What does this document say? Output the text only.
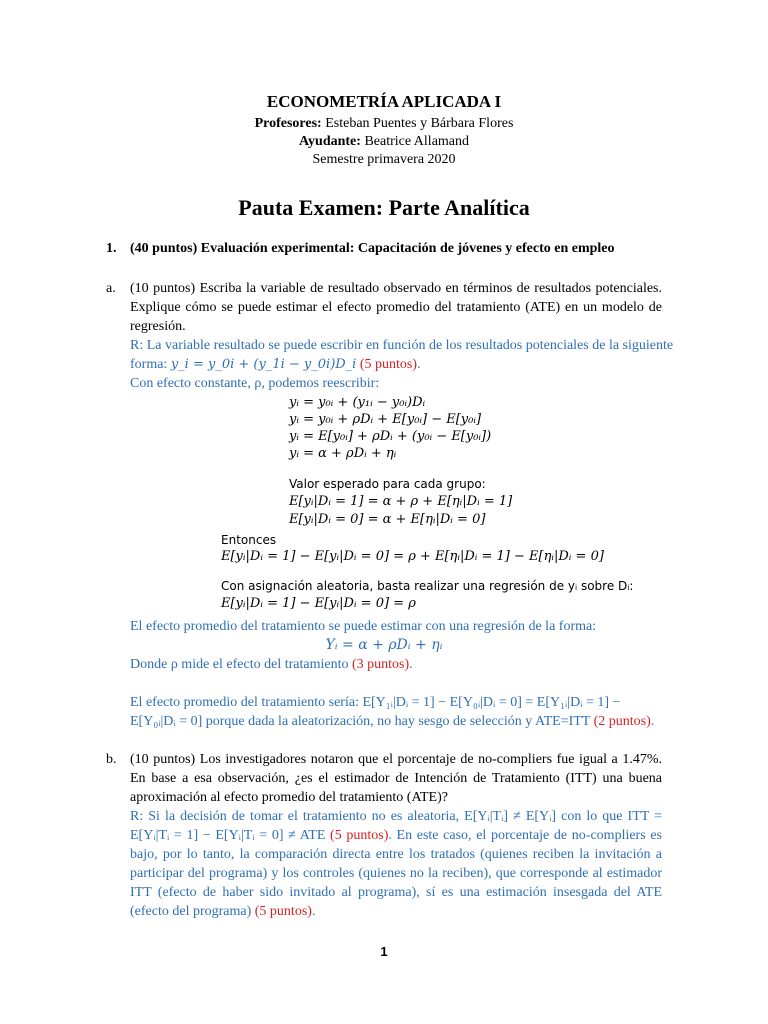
ECONOMETRÍA APLICADA I
Profesores: Esteban Puentes y Bárbara Flores
Ayudante: Beatrice Allamand
Semestre primavera 2020
Pauta Examen: Parte Analítica
1. (40 puntos) Evaluación experimental: Capacitación de jóvenes y efecto en empleo
a. (10 puntos) Escriba la variable de resultado observado en términos de resultados potenciales. Explique cómo se puede estimar el efecto promedio del tratamiento (ATE) en un modelo de regresión.
R: La variable resultado se puede escribir en función de los resultados potenciales de la siguiente
forma: y_i = y_0i + (y_1i − y_0i)D_i (5 puntos).
Con efecto constante, ρ, podemos reescribir:
yᵢ = y₀ᵢ + (y₁ᵢ − y₀ᵢ)Dᵢ
yᵢ = y₀ᵢ + ρDᵢ + E[y₀ᵢ] − E[y₀ᵢ]
yᵢ = E[y₀ᵢ] + ρDᵢ + (y₀ᵢ − E[y₀ᵢ])
yᵢ = α + ρDᵢ + ηᵢ
Valor esperado para cada grupo:
E[yᵢ|Dᵢ = 1] = α + ρ + E[ηᵢ|Dᵢ = 1]
E[yᵢ|Dᵢ = 0] = α + E[ηᵢ|Dᵢ = 0]
Entonces
E[yᵢ|Dᵢ = 1] − E[yᵢ|Dᵢ = 0] = ρ + E[ηᵢ|Dᵢ = 1] − E[ηᵢ|Dᵢ = 0]
Con asignación aleatoria, basta realizar una regresión de yᵢ sobre Dᵢ:
E[yᵢ|Dᵢ = 1] − E[yᵢ|Dᵢ = 0] = ρ
El efecto promedio del tratamiento se puede estimar con una regresión de la forma:
Yᵢ = α + ρDᵢ + ηᵢ
Donde ρ mide el efecto del tratamiento (3 puntos).
El efecto promedio del tratamiento sería: E[Y₁ᵢ|Dᵢ = 1] − E[Y₀ᵢ|Dᵢ = 0] = E[Y₁ᵢ|Dᵢ = 1] −
E[Y₀ᵢ|Dᵢ = 0] porque dada la aleatorización, no hay sesgo de selección y ATE=ITT (2 puntos).
b. (10 puntos) Los investigadores notaron que el porcentaje de no-compliers fue igual a 1.47%. En base a esa observación, ¿es el estimador de Intención de Tratamiento (ITT) una buena aproximación al efecto promedio del tratamiento (ATE)?
R: Si la decisión de tomar el tratamiento no es aleatoria, E[Yᵢ|Tᵢ] ≠ E[Yᵢ] con lo que ITT = E[Yᵢ|Tᵢ = 1] − E[Yᵢ|Tᵢ = 0] ≠ ATE (5 puntos). En este caso, el porcentaje de no-compliers es bajo, por lo tanto, la comparación directa entre los tratados (quienes reciben la invitación a participar del programa) y los controles (quienes no la reciben), que corresponde al estimador ITT (efecto de haber sido invitado al programa), sí es una estimación insesgada del ATE (efecto del programa) (5 puntos).
1
